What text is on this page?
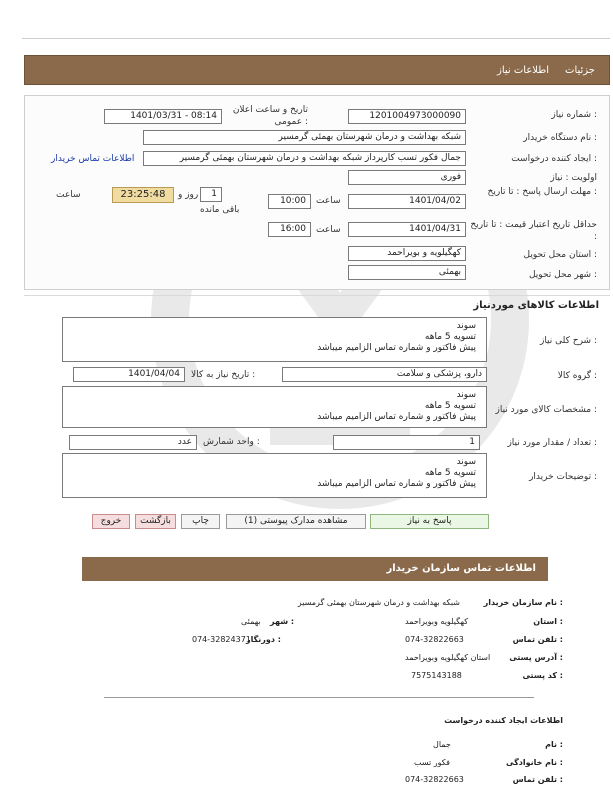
جزئیات
اطلاعات نیاز
شماره نیاز :
1201004973000090
تاریخ و ساعت اعلان عمومی :
1401/03/31 - 08:14
نام دستگاه خریدار :
شبکه بهداشت و درمان شهرستان بهمئی گرمسیر
ایجاد کننده درخواست :
جمال فکور تسب کارپرداز شبکه بهداشت و درمان شهرستان بهمئی گرمسیر
اطلاعات تماس خریدار
اولویت : نیاز
فوری
مهلت ارسال پاسخ : تا تاریخ :
1401/04/02
ساعت
10:00
1
روز و
باقی مانده
23:25:48
ساعت
حداقل تاریخ اعتبار قیمت : تا تاریخ :
1401/04/31
ساعت
16:00
استان محل تحویل :
کهگیلویه و بویراحمد
شهر محل تحویل :
بهمئی
اطلاعات کالاهای موردنیاز
شرح کلی نیاز :
سوند
تسویه 5 ماهه
پیش فاکتور و شماره تماس الزامیم میباشد
گروه کالا :
دارو، پزشکی و سلامت
تاریخ نیاز به کالا :
1401/04/04
مشخصات کالای مورد نیاز :
سوند
تسویه 5 ماهه
پیش فاکتور و شماره تماس الزامیم میباشد
تعداد / مقدار مورد نیاز :
1
واحد شمارش :
عدد
توضیحات خریدار :
سوند
تسویه 5 ماهه
پیش فاکتور و شماره تماس الزامیم میباشد
پاسخ به نیاز
مشاهده مدارک پیوستی (1)
چاپ
بازگشت
خروج
اطلاعات تماس سازمان خریدار
نام سازمان خریدار :
شبکه بهداشت و درمان شهرستان بهمئی گرمسیر
استان :
کهگیلویه وبویراحمد
شهر :
بهمئی
تلفن تماس :
074-32822663
دورنگار :
074-32824371
آدرس پستی :
استان کهگیلویه وبویراحمد
کد پستی :
7575143188
اطلاعات ایجاد کننده درخواست
نام :
جمال
نام خانوادگی :
فکور تسب
تلفن تماس :
074-32822663
